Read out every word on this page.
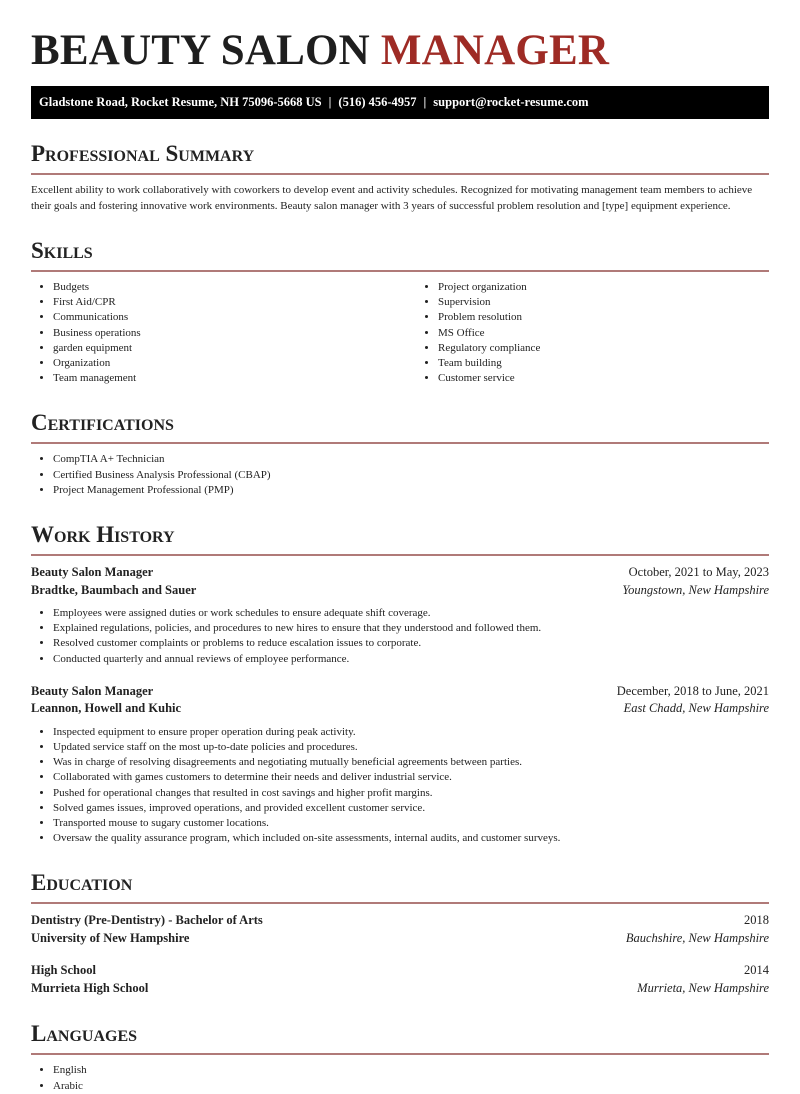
BEAUTY SALON MANAGER
Gladstone Road, Rocket Resume, NH 75096-5668 US | (516) 456-4957 | support@rocket-resume.com
Professional Summary

Excellent ability to work collaboratively with coworkers to develop event and activity schedules. Recognized for motivating management team members to achieve their goals and fostering innovative work environments. Beauty salon manager with 3 years of successful problem resolution and [type] equipment experience.

Skills
• Budgets
• First Aid/CPR
• Communications
• Business operations
• garden equipment
• Organization
• Team management
• Project organization
• Supervision
• Problem resolution
• MS Office
• Regulatory compliance
• Team building
• Customer service
Certifications
• CompTIA A+ Technician
• Certified Business Analysis Professional (CBAP)
• Project Management Professional (PMP)
Work History
Beauty Salon Manager	October, 2021 to May, 2023
Bradtke, Baumbach and Sauer	Youngstown, New Hampshire
• Employees were assigned duties or work schedules to ensure adequate shift coverage.
• Explained regulations, policies, and procedures to new hires to ensure that they understood and followed them.
• Resolved customer complaints or problems to reduce escalation issues to corporate.
• Conducted quarterly and annual reviews of employee performance.
Beauty Salon Manager	December, 2018 to June, 2021
Leannon, Howell and Kuhic	East Chadd, New Hampshire
• Inspected equipment to ensure proper operation during peak activity.
• Updated service staff on the most up-to-date policies and procedures.
• Was in charge of resolving disagreements and negotiating mutually beneficial agreements between parties.
• Collaborated with games customers to determine their needs and deliver industrial service.
• Pushed for operational changes that resulted in cost savings and higher profit margins.
• Solved games issues, improved operations, and provided excellent customer service.
• Transported mouse to sugary customer locations.
• Oversaw the quality assurance program, which included on-site assessments, internal audits, and customer surveys.
Education
Dentistry (Pre-Dentistry) - Bachelor of Arts	2018
University of New Hampshire	Bauchshire, New Hampshire
High School	2014
Murrieta High School	Murrieta, New Hampshire
Languages
• English
• Arabic
